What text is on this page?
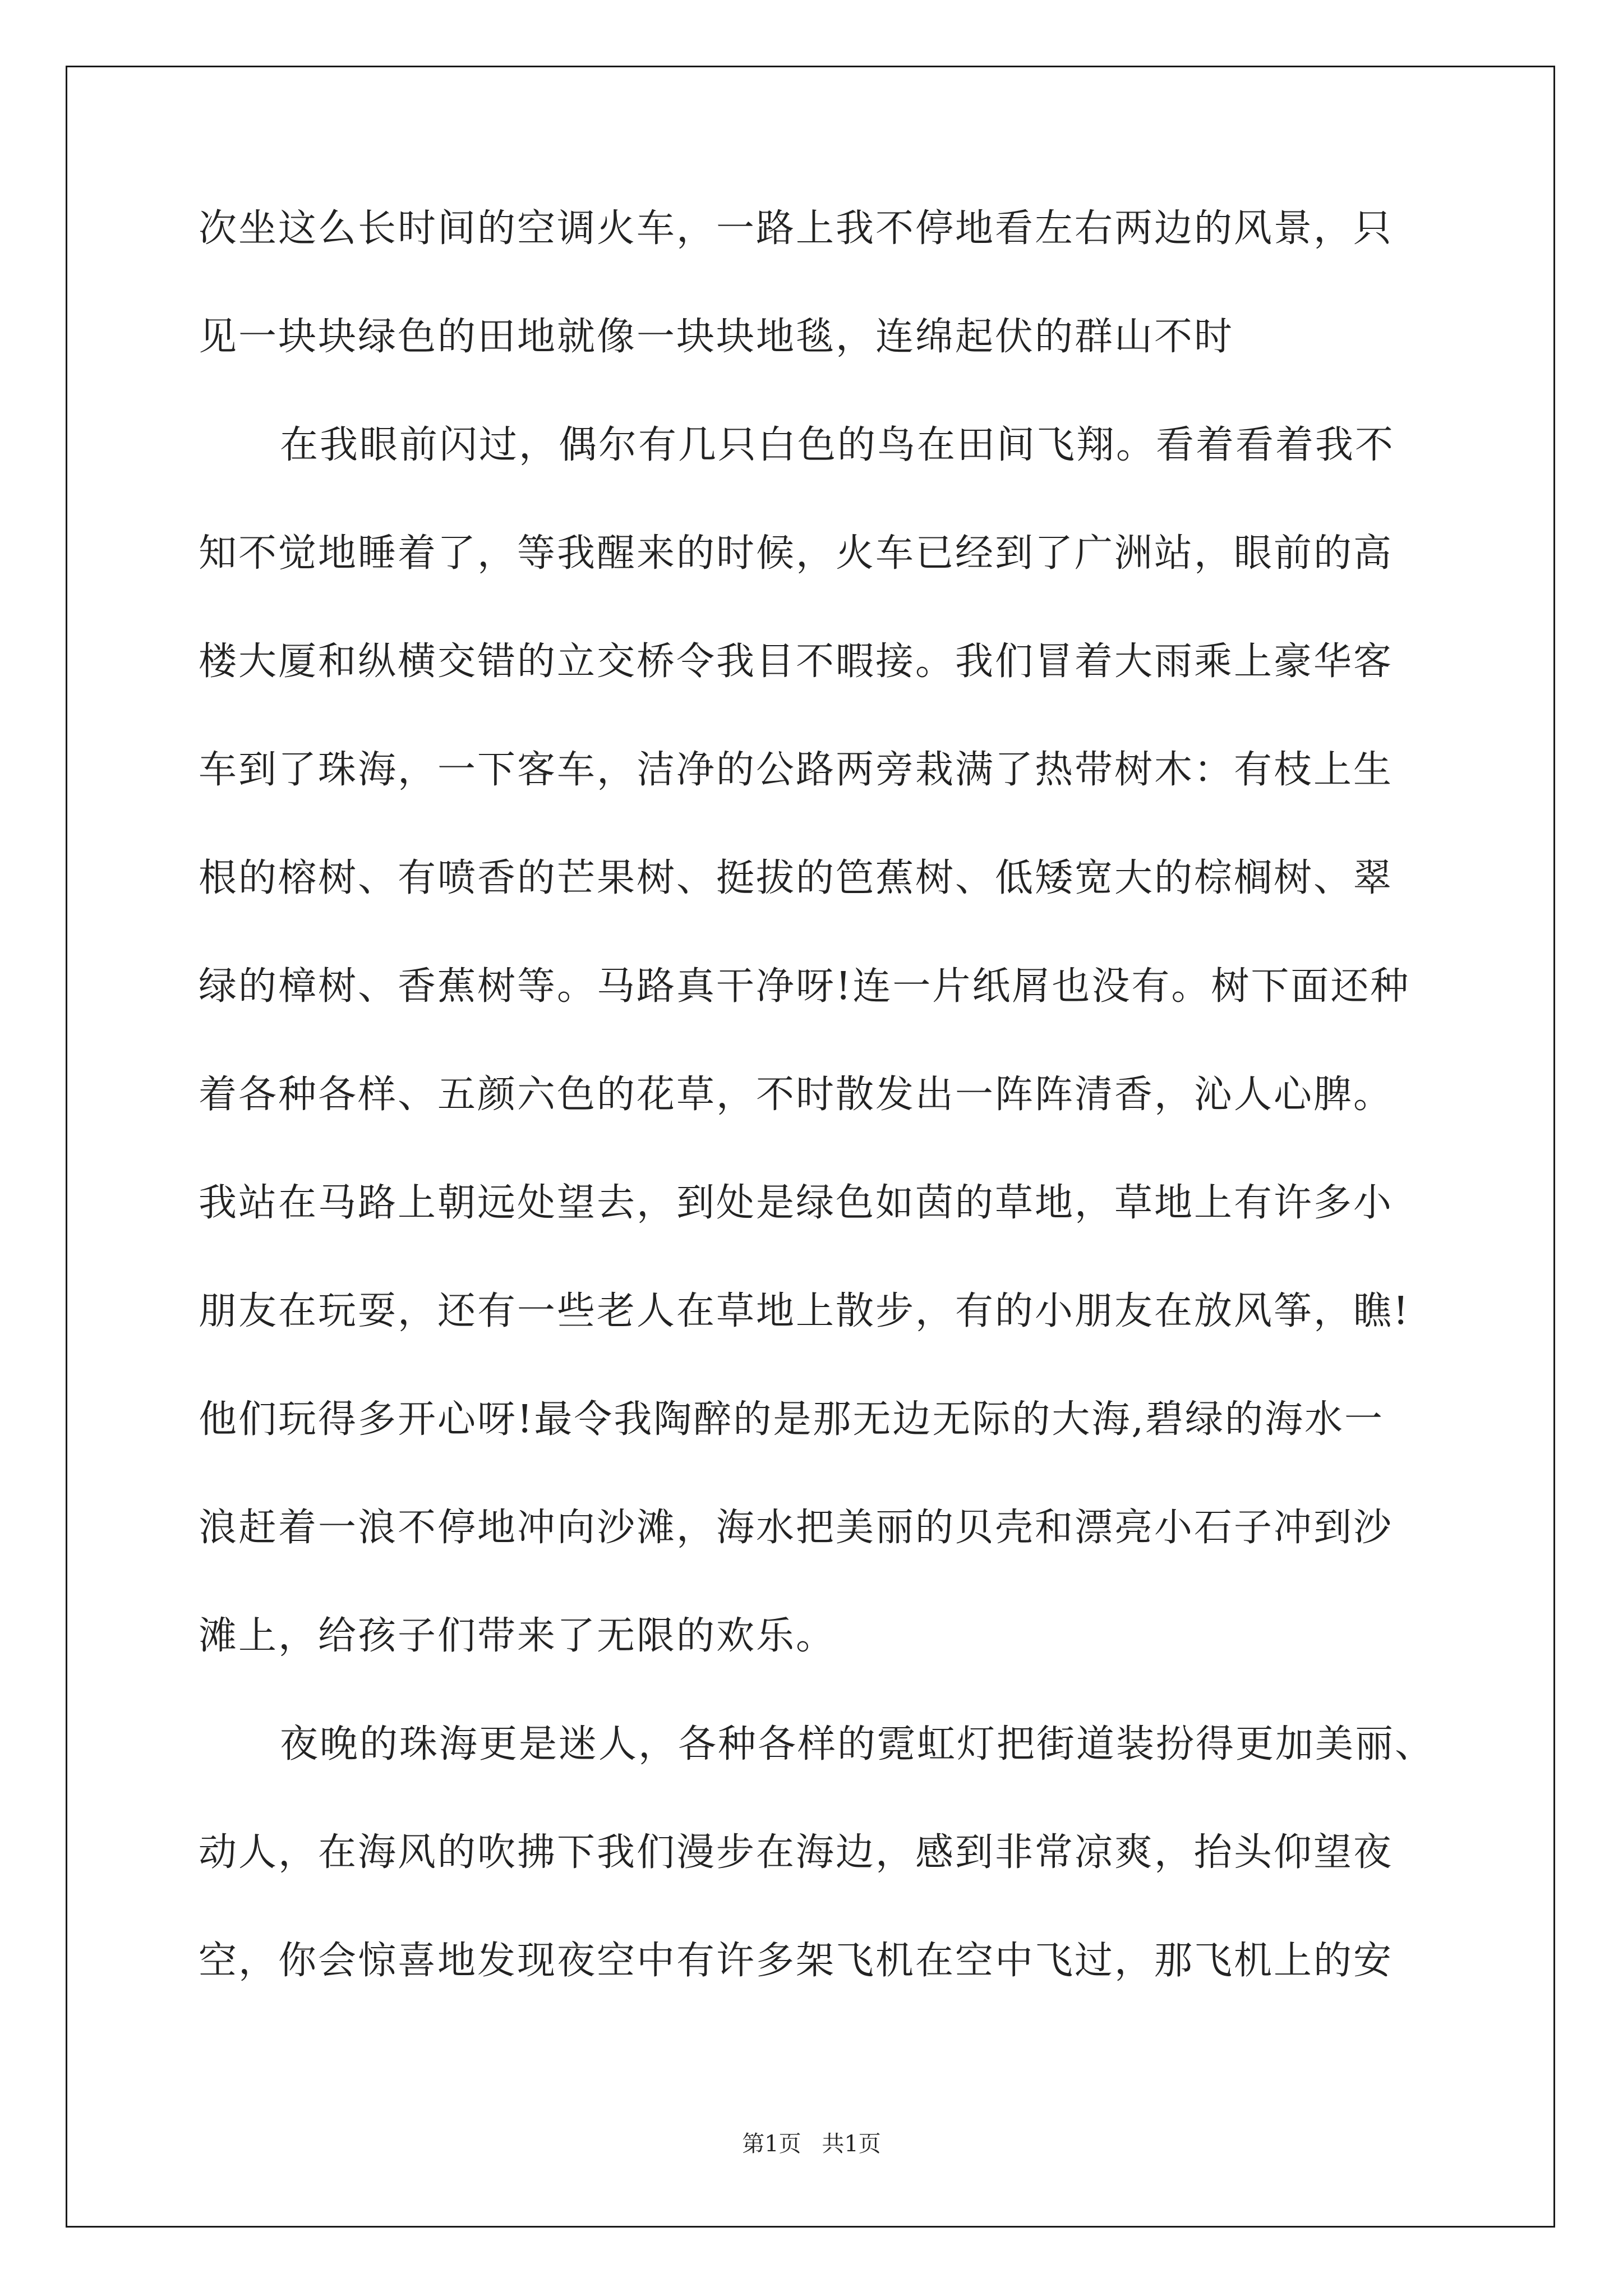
次坐这么长时间的空调火车，一路上我不停地看左右两边的风景，只
见一块块绿色的田地就像一块块地毯，连绵起伏的群山不时
在我眼前闪过，偶尔有几只白色的鸟在田间飞翔。看着看着我不
知不觉地睡着了，等我醒来的时候，火车已经到了广洲站，眼前的高
楼大厦和纵横交错的立交桥令我目不暇接。我们冒着大雨乘上豪华客
车到了珠海，一下客车，洁净的公路两旁栽满了热带树木：有枝上生
根的榕树、有喷香的芒果树、挺拔的笆蕉树、低矮宽大的棕榈树、翠
绿的樟树、香蕉树等。马路真干净呀!连一片纸屑也没有。树下面还种
着各种各样、五颜六色的花草，不时散发出一阵阵清香，沁人心脾。
我站在马路上朝远处望去，到处是绿色如茵的草地，草地上有许多小
朋友在玩耍，还有一些老人在草地上散步，有的小朋友在放风筝，瞧!
他们玩得多开心呀!最令我陶醉的是那无边无际的大海,碧绿的海水一
浪赶着一浪不停地冲向沙滩，海水把美丽的贝壳和漂亮小石子冲到沙
滩上，给孩子们带来了无限的欢乐。
夜晚的珠海更是迷人，各种各样的霓虹灯把街道装扮得更加美丽、
动人，在海风的吹拂下我们漫步在海边，感到非常凉爽，抬头仰望夜
空，你会惊喜地发现夜空中有许多架飞机在空中飞过，那飞机上的安
第1页 共1页
